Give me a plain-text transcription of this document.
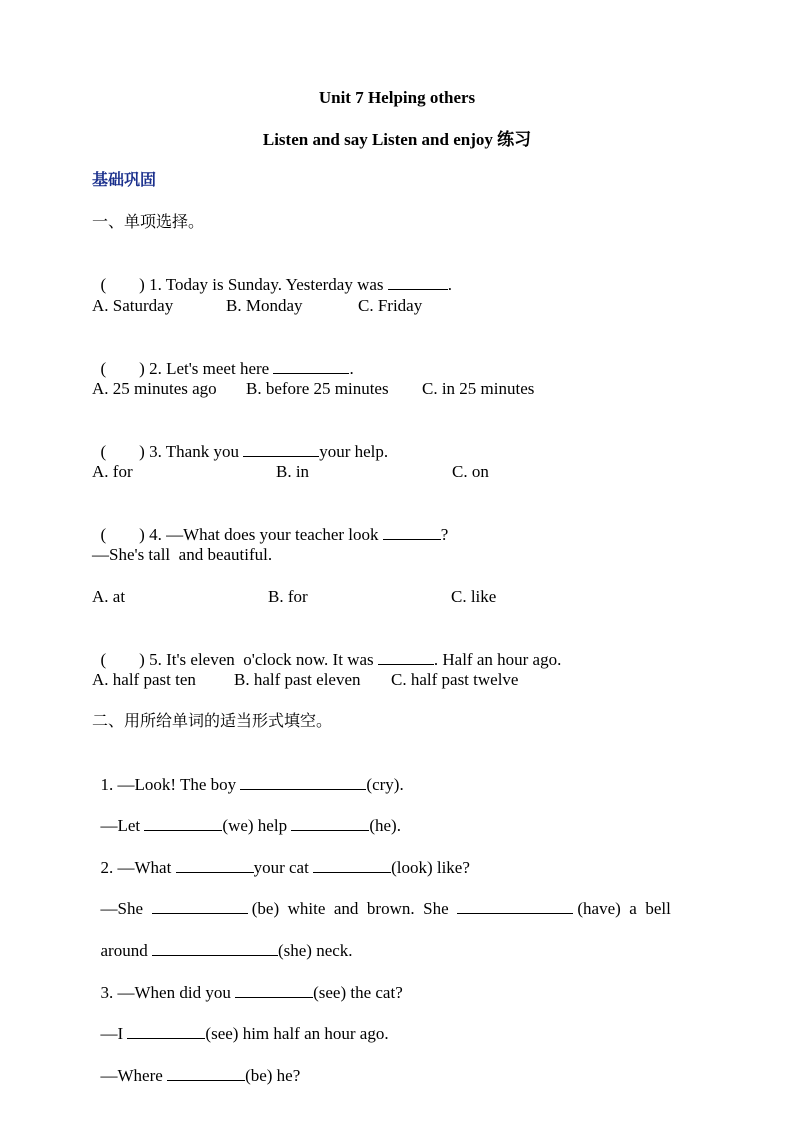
Unit 7 Helping others
Listen and say Listen and enjoy 练习
基础巩固
一、单项选择。

( ) 1. Today is Sunday. Yesterday was	.

A. Saturday	B. Monday	C. Friday

( ) 2. Let's meet here	.

A. 25 minutes ago B. before 25 minutes C. in 25 minutes

( ) 3. Thank you	your help.

A. for	B. in	C. on

( ) 4. —What does your teacher look	?

—She's tall  and beautiful.
A. at	B. for	C. like

( ) 5. It's eleven  o'clock now. It was	. Half an hour ago.

A. half past ten B. half past eleven C. half past twelve
二、用所给单词的适当形式填空。

1. —Look! The boy	(cry).

—Let	(we) help	(he).

2. —What	your cat	(look) like?

—She	(be)  white  and  brown.  She	(have)  a  bell

around	(she) neck.

3. —When did you	(see) the cat?

—I	(see) him half an hour ago.

—Where	(be) he?
